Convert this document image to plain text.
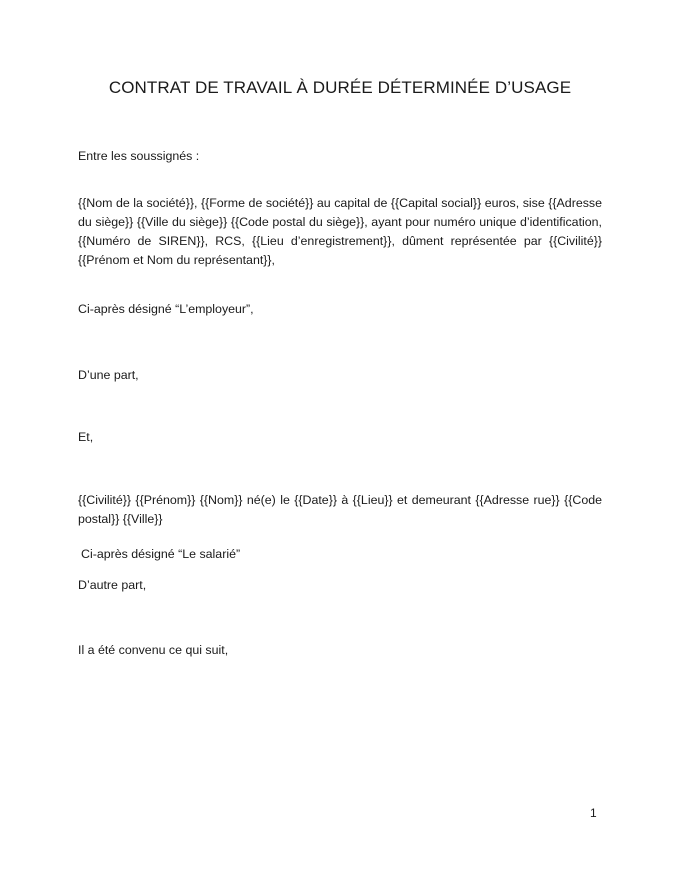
CONTRAT DE TRAVAIL À DURÉE DÉTERMINÉE D’USAGE
Entre les soussignés :
{{Nom de la société}}, {{Forme de société}} au capital de {{Capital social}} euros, sise {{Adresse du siège}} {{Ville du siège}} {{Code postal du siège}}, ayant pour numéro unique d’identification, {{Numéro de SIREN}}, RCS, {{Lieu d’enregistrement}}, dûment représentée par {{Civilité}} {{Prénom et Nom du représentant}},
Ci-après désigné “L’employeur”,
D’une part,
Et,
{{Civilité}} {{Prénom}} {{Nom}} né(e) le {{Date}} à {{Lieu}} et demeurant {{Adresse rue}} {{Code postal}} {{Ville}}
Ci-après désigné “Le salarié”
D’autre part,
Il a été convenu ce qui suit,
1
